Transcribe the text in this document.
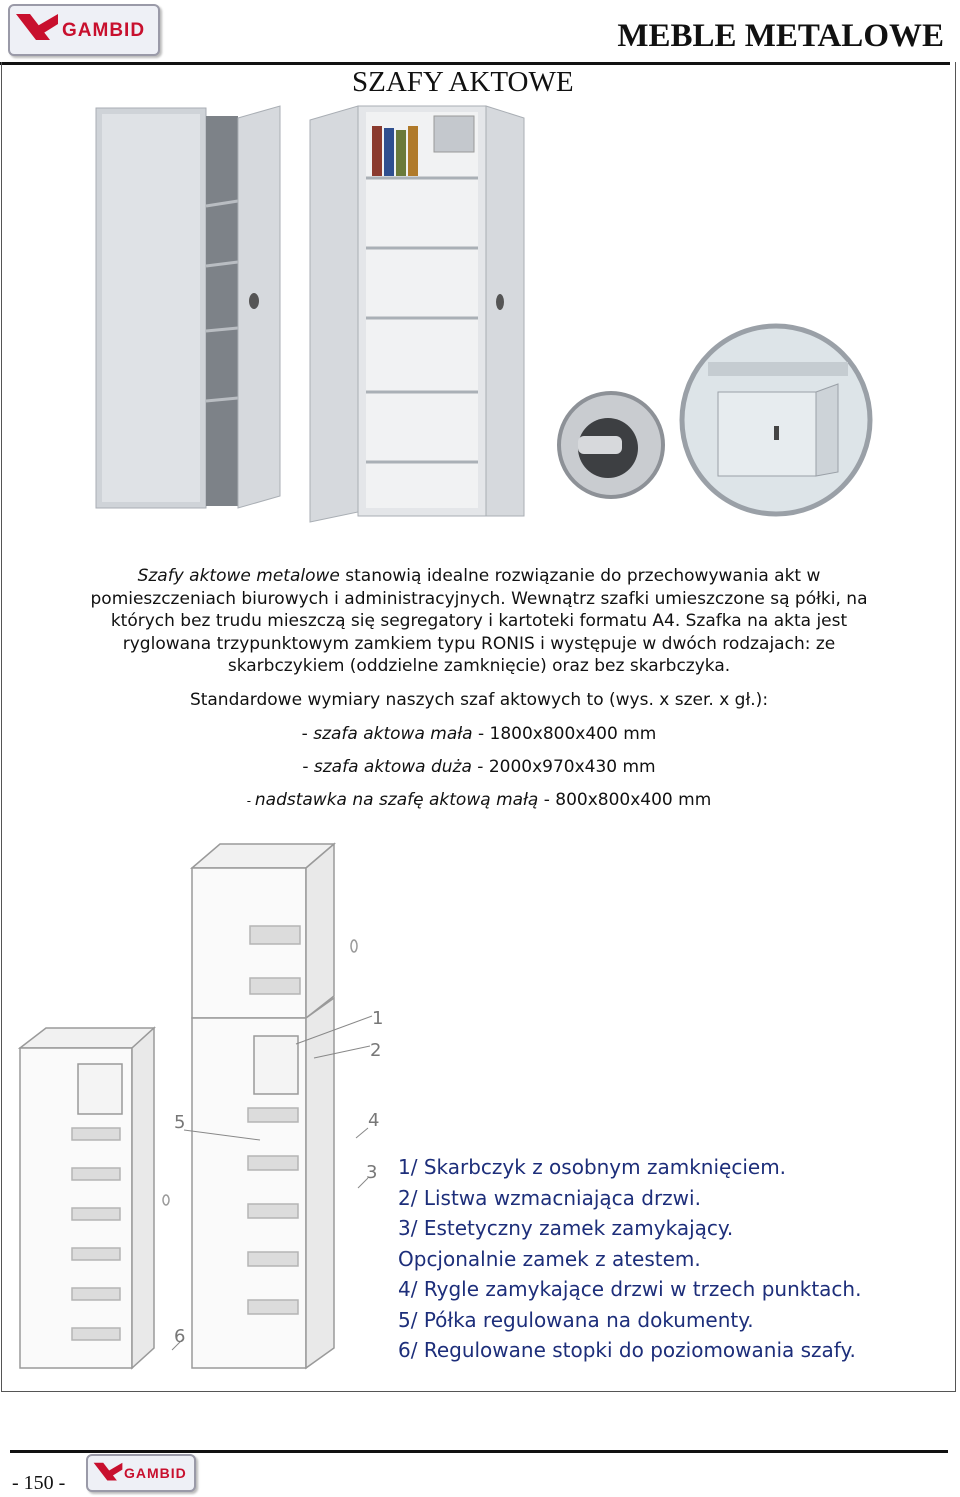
GAMBID	MEBLE METALOWE
SZAFY AKTOWE

Szafy aktowe metalowe stanowią idealne rozwiązanie do przechowywania akt w

pomieszczeniach biurowych i administracyjnych. Wewnątrz szafki umieszczone są półki, na

których bez trudu mieszczą się segregatory i kartoteki formatu A4. Szafka na akta jest

ryglowana trzypunktowym zamkiem typu RONIS i występuje w dwóch rodzajach: ze

skarbczykiem (oddzielne zamknięcie) oraz bez skarbczyka.

Standardowe wymiary naszych szaf aktowych to (wys. x szer. x gł.):
- szafa aktowa mała - 1800x800x400 mm
- szafa aktowa duża - 2000x970x430 mm
- nadstawka na szafę aktową małą - 800x800x400 mm
1
2
3
4
5
6
1/ Skarbczyk z osobnym zamknięciem.
2/ Listwa wzmacniająca drzwi.
3/ Estetyczny zamek zamykający.
Opcjonalnie zamek z atestem.
4/ Rygle zamykające drzwi w trzech punktach.
5/ Półka regulowana na dokumenty.
6/ Regulowane stopki do poziomowania szafy.
- 150 -	GAMBID
